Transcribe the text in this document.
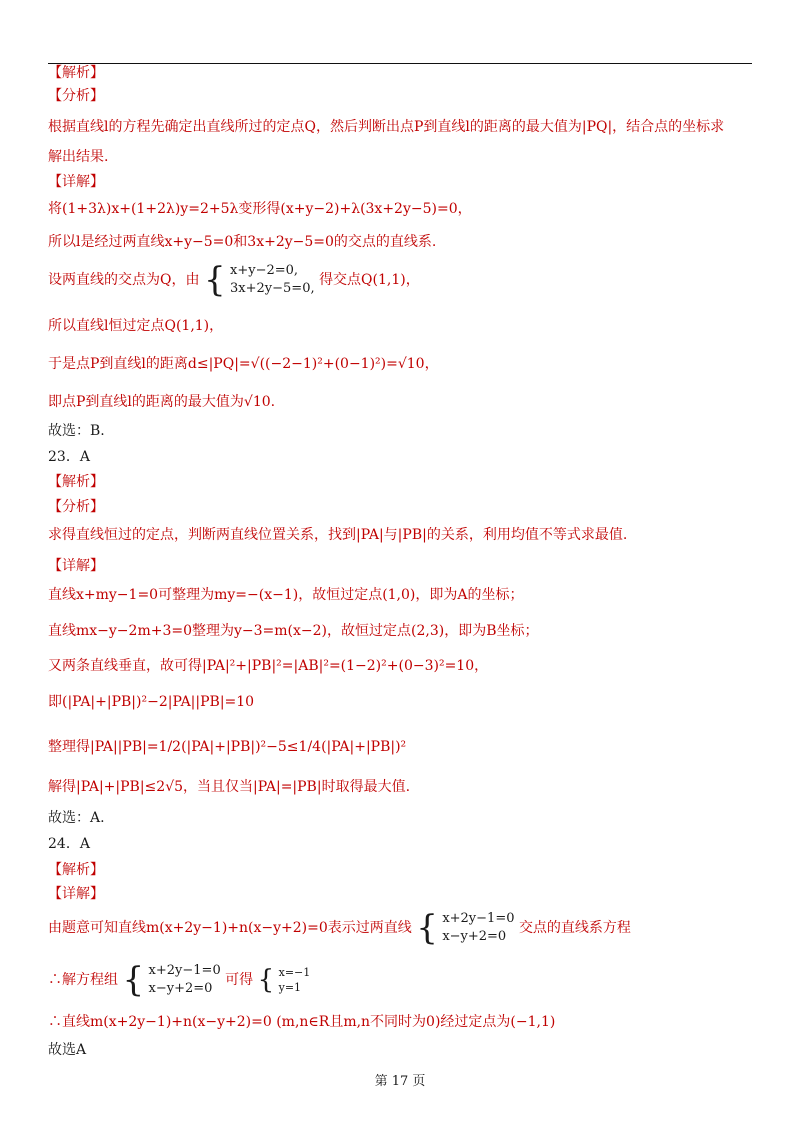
【解析】
【分析】
根据直线l的方程先确定出直线所过的定点Q，然后判断出点P到直线l的距离的最大值为|PQ|，结合点的坐标求
解出结果.
【详解】
将(1+3λ)x+(1+2λ)y=2+5λ变形得(x+y−2)+λ(3x+2y−5)=0，
所以l是经过两直线x+y−5=0和3x+2y−5=0的交点的直线系.
设两直线的交点为Q，由 { x+y−2=0,
3x+2y−5=0, 得交点Q(1,1)，
所以直线l恒过定点Q(1,1)，
于是点P到直线l的距离d≤|PQ|=√((−2−1)²+(0−1)²)=√10，
即点P到直线l的距离的最大值为√10.
故选：B.
23．A
【解析】
【分析】
求得直线恒过的定点，判断两直线位置关系，找到|PA|与|PB|的关系，利用均值不等式求最值.
【详解】
直线x+my−1=0可整理为my=−(x−1)，故恒过定点(1,0)，即为A的坐标；
直线mx−y−2m+3=0整理为y−3=m(x−2)，故恒过定点(2,3)，即为B坐标；
又两条直线垂直，故可得|PA|²+|PB|²=|AB|²=(1−2)²+(0−3)²=10，
即(|PA|+|PB|)²−2|PA||PB|=10
整理得|PA||PB|=1/2(|PA|+|PB|)²−5≤1/4(|PA|+|PB|)²
解得|PA|+|PB|≤2√5，当且仅当|PA|=|PB|时取得最大值.
故选：A.
24．A
【解析】
【详解】
由题意可知直线m(x+2y−1)+n(x−y+2)=0表示过两直线 { x+2y−1=0
x−y+2=0 交点的直线系方程
∴解方程组 { x+2y−1=0
x−y+2=0 可得 { x=−1
y=1
∴直线m(x+2y−1)+n(x−y+2)=0 (m,n∈R且m,n不同时为0)经过定点为(−1,1)
故选A
第 17 页
